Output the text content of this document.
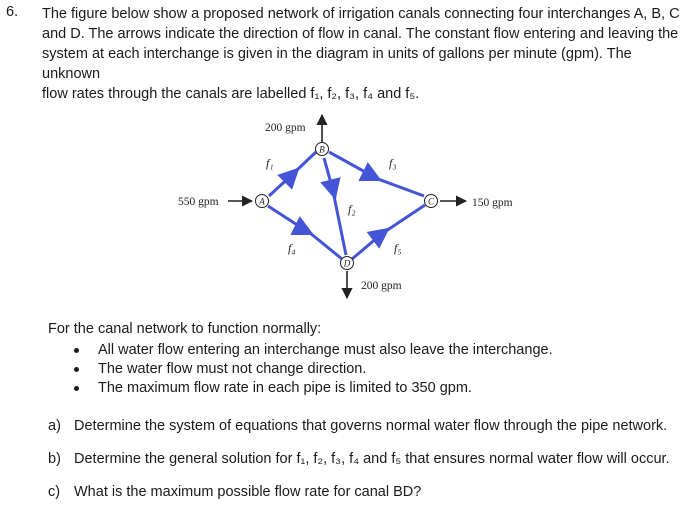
6. The figure below show a proposed network of irrigation canals connecting four interchanges A, B, C

and D. The arrows indicate the direction of flow in canal. The constant flow entering and leaving the

system at each interchange is given in the diagram in units of gallons per minute (gpm). The unknown

flow rates through the canals are labelled f₁, f₂, f₃, f₄ and f₅.

A
B
C
D
f₁
f₂
f₃
f₄	f₅
550 gpm
200 gpm
150 gpm
200 gpm
For the canal network to function normally:
All water flow entering an interchange must also leave the interchange.
The water flow must not change direction.
The maximum flow rate in each pipe is limited to 350 gpm.
a) Determine the system of equations that governs normal water flow through the pipe network.
b) Determine the general solution for f₁, f₂, f₃, f₄ and f₅ that ensures normal water flow will occur.
c) What is the maximum possible flow rate for canal BD?
